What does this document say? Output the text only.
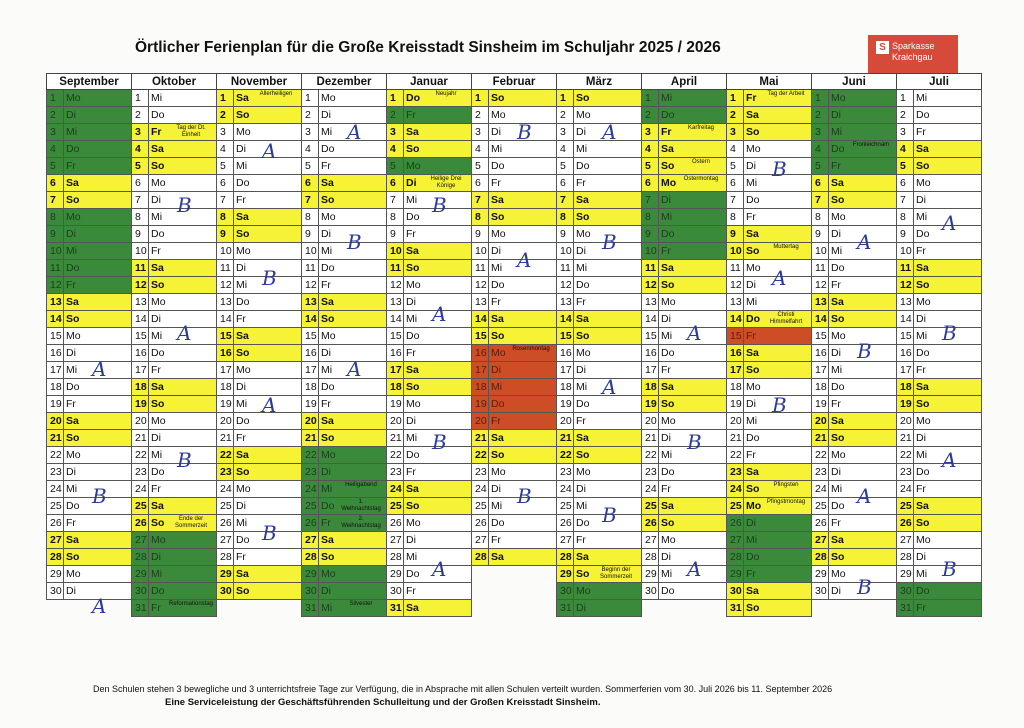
Örtlicher Ferienplan für die Große Kreisstadt Sinsheim im Schuljahr 2025 / 2026	S Sparkasse
Kraichgau
September		Oktober		November		Dezember		Januar		Februar		März		April		Mai		Juni		Juli	
1	Mo	1	Mi	1	Sa Allerheiligen	1	Mo	1	Do Neujahr	1	So	1	So	1	Mi	1	Fr Tag der Arbeit	1	Mo	1	Mi
2	Di	2	Do	2	So	2	Di	2	Fr	2	Mo	2	Mo	2	Do	2	Sa	2	Di	2	Do
3	Mi	3	Fr Tag der Dt. Einheit	3	Mo	3	Mi	3	Sa	3	Di	3	Di	3	Fr Karfreitag	3	So	3	Mi	3	Fr
4	Do	4	Sa	4	Di	4	Do	4	So	4	Mi	4	Mi	4	Sa	4	Mo	4	Do Fronleichnam	4	Sa
5	Fr	5	So	5	Mi	5	Fr	5	Mo	5	Do	5	Do	5	So Ostern	5	Di	5	Fr	5	So
6	Sa	6	Mo	6	Do	6	Sa	6	Di Heilige Drei Könige	6	Fr	6	Fr	6	Mo Ostermontag	6	Mi	6	Sa	6	Mo
7	So	7	Di	7	Fr	7	So	7	Mi	7	Sa	7	Sa	7	Di	7	Do	7	So	7	Di
8	Mo	8	Mi	8	Sa	8	Mo	8	Do	8	So	8	So	8	Mi	8	Fr	8	Mo	8	Mi
9	Di	9	Do	9	So	9	Di	9	Fr	9	Mo	9	Mo	9	Do	9	Sa	9	Di	9	Do
10	Mi	10	Fr	10	Mo	10	Mi	10	Sa	10	Di	10	Di	10	Fr	10	So Muttertag	10	Mi	10	Fr
11	Do	11	Sa	11	Di	11	Do	11	So	11	Mi	11	Mi	11	Sa	11	Mo	11	Do	11	Sa
12	Fr	12	So	12	Mi	12	Fr	12	Mo	12	Do	12	Do	12	So	12	Di	12	Fr	12	So
13	Sa	13	Mo	13	Do	13	Sa	13	Di	13	Fr	13	Fr	13	Mo	13	Mi	13	Sa	13	Mo
14	So	14	Di	14	Fr	14	So	14	Mi	14	Sa	14	Sa	14	Di	14	Do Christi Himmelfahrt	14	So	14	Di
15	Mo	15	Mi	15	Sa	15	Mo	15	Do	15	So	15	So	15	Mi	15	Fr	15	Mo	15	Mi
16	Di	16	Do	16	So	16	Di	16	Fr	16	Mo Rosenmontag	16	Mo	16	Do	16	Sa	16	Di	16	Do
17	Mi	17	Fr	17	Mo	17	Mi	17	Sa	17	Di	17	Di	17	Fr	17	So	17	Mi	17	Fr
18	Do	18	Sa	18	Di	18	Do	18	So	18	Mi	18	Mi	18	Sa	18	Mo	18	Do	18	Sa
19	Fr	19	So	19	Mi	19	Fr	19	Mo	19	Do	19	Do	19	So	19	Di	19	Fr	19	So
20	Sa	20	Mo	20	Do	20	Sa	20	Di	20	Fr	20	Fr	20	Mo	20	Mi	20	Sa	20	Mo
21	So	21	Di	21	Fr	21	So	21	Mi	21	Sa	21	Sa	21	Di	21	Do	21	So	21	Di
22	Mo	22	Mi	22	Sa	22	Mo	22	Do	22	So	22	So	22	Mi	22	Fr	22	Mo	22	Mi
23	Di	23	Do	23	So	23	Di	23	Fr	23	Mo	23	Mo	23	Do	23	Sa	23	Di	23	Do
24	Mi	24	Fr	24	Mo	24	Mi Heiligabend	24	Sa	24	Di	24	Di	24	Fr	24	So Pfingsten	24	Mi	24	Fr
25	Do	25	Sa	25	Di	25	Do 1. Weihnachtstag	25	So	25	Mi	25	Mi	25	Sa	25	Mo Pfingstmontag	25	Do	25	Sa
26	Fr	26	So Ende der Sommerzeit	26	Mi	26	Fr 2. Weihnachtstag	26	Mo	26	Do	26	Do	26	So	26	Di	26	Fr	26	So
27	Sa	27	Mo	27	Do	27	Sa	27	Di	27	Fr	27	Fr	27	Mo	27	Mi	27	Sa	27	Mo
28	So	28	Di	28	Fr	28	So	28	Mi	28	Sa	28	Sa	28	Di	28	Do	28	So	28	Di
29	Mo	29	Mi	29	Sa	29	Mo	29	Do			29	So Beginn der Sommerzeit	29	Mi	29	Fr	29	Mo	29	Mi
30	Di	30	Do	30	So	30	Di	30	Fr			30	Mo	30	Do	30	Sa	30	Di	30	Do
		31	Fr Reformationstag			31	Mi Silvester	31	Sa			31	Di			31	So			31	Fr
A
B
A
B
A
B
A
B
A
B
A
B
A
B
A
B
A
B
A
B
A
B
A
B
B
A
A
B
A
B
A
B
A
B
A
B
A
B
Den Schulen stehen 3 bewegliche und 3 unterrichtsfreie Tage zur Verfügung, die in Absprache mit allen Schulen verteilt wurden. Sommerferien vom 30. Juli 2026 bis 11. September 2026
Eine Serviceleistung der Geschäftsführenden Schulleitung und der Großen Kreisstadt Sinsheim.
